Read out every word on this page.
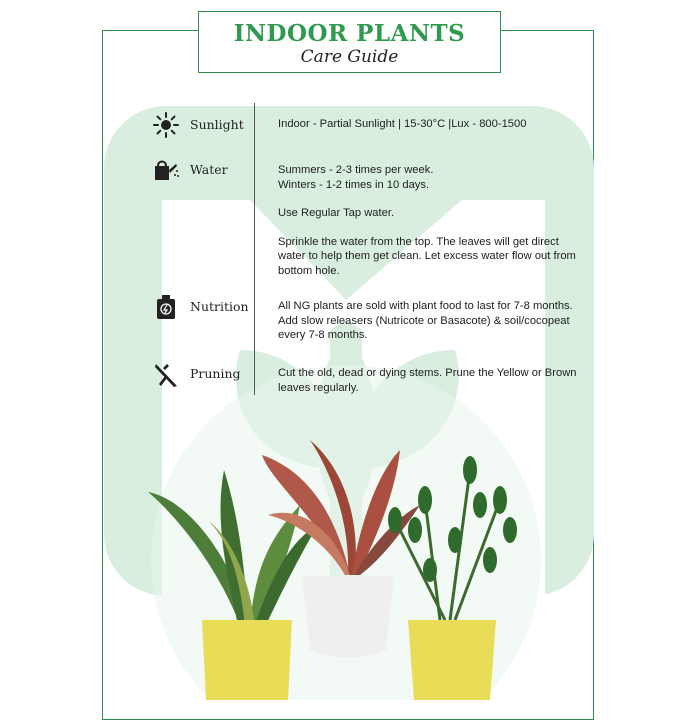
INDOOR PLANTS
Care Guide
Sunlight	Indoor - Partial Sunlight | 15-30°C |Lux - 800-1500
Water	Summers - 2-3 times per week.
Winters - 1-2 times in 10 days.

Use Regular Tap water.

Sprinkle the water from the top. The leaves will get direct water to help them get clean. Let excess water flow out from bottom hole.

Nutrition	All NG plants are sold with plant food to last for 7-8 months. Add slow releasers (Nutricote or Basacote) & soil/cocopeat every 7-8 months.
Pruning	Cut the old, dead or dying stems. Prune the Yellow or Brown leaves regularly.
